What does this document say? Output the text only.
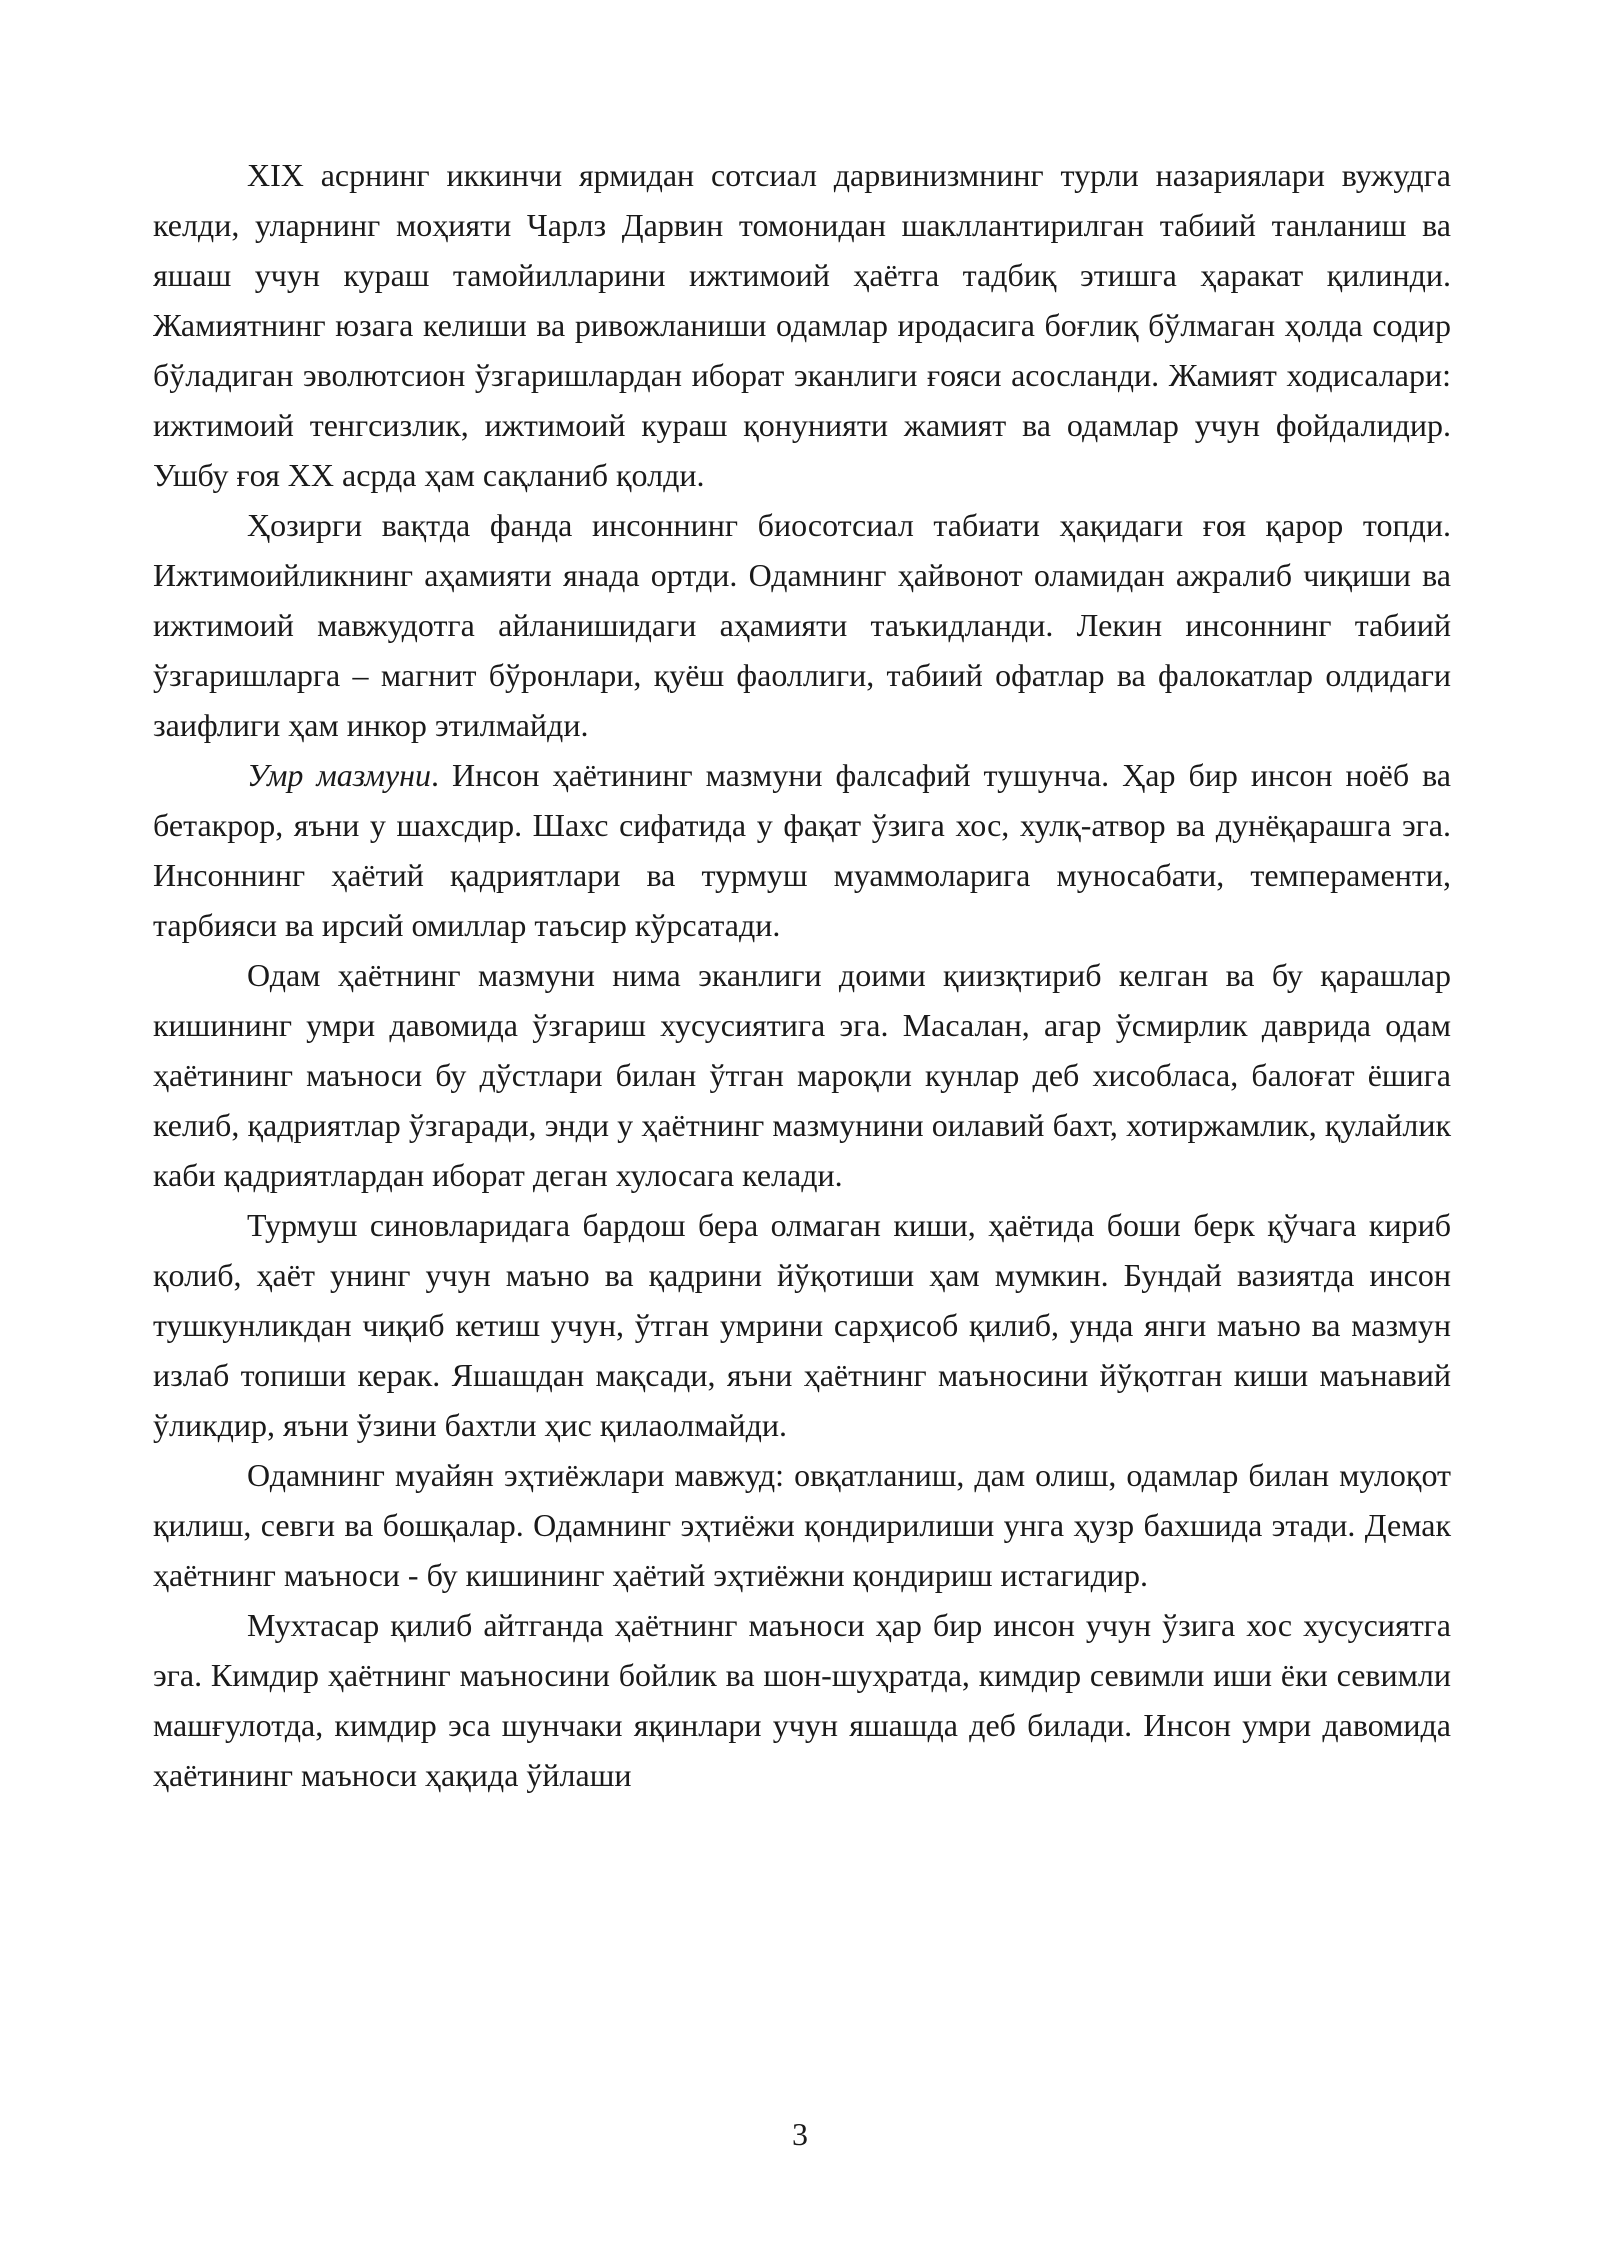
XIX асрнинг иккинчи ярмидан сотсиал дарвинизмнинг турли назариялари вужудга келди, уларнинг моҳияти Чарлз Дарвин томонидан шакллантирилган табиий танланиш ва яшаш учун кураш тамойилларини ижтимоий ҳаётга тадбиқ этишга ҳаракат қилинди. Жамиятнинг юзага келиши ва ривожланиши одамлар иродасига боғлиқ бўлмаган ҳолда содир бўладиган эволютсион ўзгаришлардан иборат эканлиги ғояси асосланди. Жамият ходисалари: ижтимоий тенгсизлик, ижтимоий кураш қонунияти жамият ва одамлар учун фойдалидир. Ушбу ғоя XX асрда ҳам сақланиб қолди.

Ҳозирги вақтда фанда инсоннинг биосотсиал табиати ҳақидаги ғоя қарор топди. Ижтимоийликнинг аҳамияти янада ортди. Одамнинг ҳайвонот оламидан ажралиб чиқиши ва ижтимоий мавжудотга айланишидаги аҳамияти таъкидланди. Лекин инсоннинг табиий ўзгаришларга – магнит бўронлари, қуёш фаоллиги, табиий офатлар ва фалокатлар олдидаги заифлиги ҳам инкор этилмайди.

Умр мазмуни. Инсон ҳаётининг мазмуни фалсафий тушунча. Ҳар бир инсон ноёб ва бетакрор, яъни у шахсдир. Шахс сифатида у фақат ўзига хос, хулқ-атвор ва дунёқарашга эга. Инсоннинг ҳаётий қадриятлари ва турмуш муаммоларига муносабати, темпераменти, тарбияси ва ирсий омиллар таъсир кўрсатади.

Одам ҳаётнинг мазмуни нима эканлиги доими қиизқтириб келган ва бу қарашлар кишининг умри давомида ўзгариш хусусиятига эга. Масалан, агар ўсмирлик даврида одам ҳаётининг маъноси бу дўстлари билан ўтган мароқли кунлар деб хисобласа, балоғат ёшига келиб, қадриятлар ўзгаради, энди у ҳаётнинг мазмунини оилавий бахт, хотиржамлик, қулайлик каби қадриятлардан иборат деган хулосага келади.

Турмуш синовларидага бардош бера олмаган киши, ҳаётида боши берк қўчага кириб қолиб, ҳаёт унинг учун маъно ва қадрини йўқотиши ҳам мумкин. Бундай вазиятда инсон тушкунликдан чиқиб кетиш учун, ўтган умрини сарҳисоб қилиб, унда янги маъно ва мазмун излаб топиши керак. Яшашдан мақсади, яъни ҳаётнинг маъносини йўқотган киши маънавий ўликдир, яъни ўзини бахтли ҳис қилаолмайди.

Одамнинг муайян эҳтиёжлари мавжуд: овқатланиш, дам олиш, одамлар билан мулоқот қилиш, севги ва бошқалар. Одамнинг эҳтиёжи қондирилиши унга ҳузр бахшида этади. Демак ҳаётнинг маъноси - бу кишининг ҳаётий эҳтиёжни қондириш истагидир.

Мухтасар қилиб айтганда ҳаётнинг маъноси ҳар бир инсон учун ўзига хос хусусиятга эга. Кимдир ҳаётнинг маъносини бойлик ва шон-шуҳратда, кимдир севимли иши ёки севимли машғулотда, кимдир эса шунчаки яқинлари учун яшашда деб билади. Инсон умри давомида ҳаётининг маъноси ҳақида ўйлаши

3
